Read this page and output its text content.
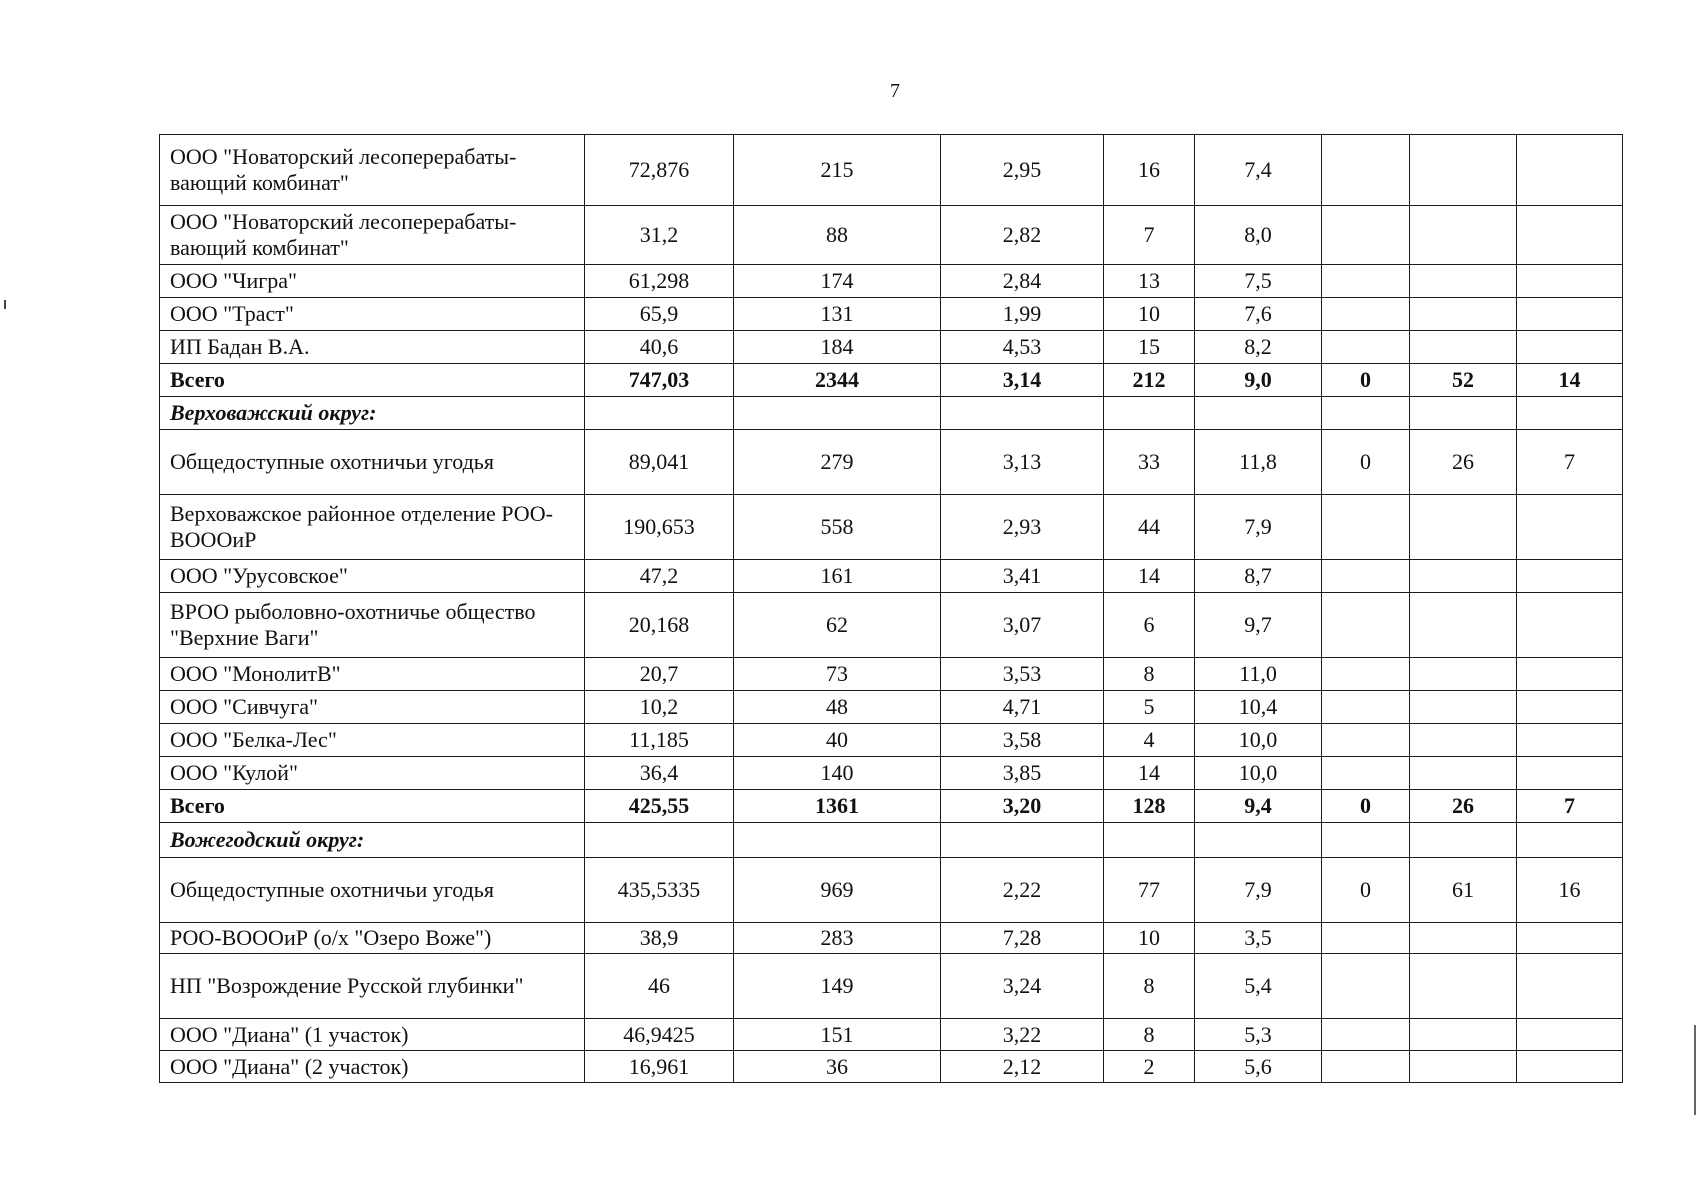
7
ООО "Новаторский лесоперерабаты-вающий комбинат"	72,876	215	2,95	16	7,4			
ООО "Новаторский лесоперерабаты-вающий комбинат"	31,2	88	2,82	7	8,0			
ООО "Чигра"	61,298	174	2,84	13	7,5			
ООО "Траст"	65,9	131	1,99	10	7,6			
ИП Бадан В.А.	40,6	184	4,53	15	8,2			
Всего	747,03	2344	3,14	212	9,0	0	52	14
Верховажский округ:								
Общедоступные охотничьи угодья	89,041	279	3,13	33	11,8	0	26	7
Верховажское районное отделение РОО-ВОООиР	190,653	558	2,93	44	7,9			
ООО "Урусовское"	47,2	161	3,41	14	8,7			
ВРОО рыболовно-охотничье общество "Верхние Ваги"	20,168	62	3,07	6	9,7			
ООО "МонолитВ"	20,7	73	3,53	8	11,0			
ООО "Сивчуга"	10,2	48	4,71	5	10,4			
ООО "Белка-Лес"	11,185	40	3,58	4	10,0			
ООО "Кулой"	36,4	140	3,85	14	10,0			
Всего	425,55	1361	3,20	128	9,4	0	26	7
Вожегодский округ:								
Общедоступные охотничьи угодья	435,5335	969	2,22	77	7,9	0	61	16
РОО-ВОООиР (о/х "Озеро Воже")	38,9	283	7,28	10	3,5			
НП "Возрождение Русской глубинки"	46	149	3,24	8	5,4			
ООО "Диана" (1 участок)	46,9425	151	3,22	8	5,3			
ООО "Диана" (2 участок)	16,961	36	2,12	2	5,6			
